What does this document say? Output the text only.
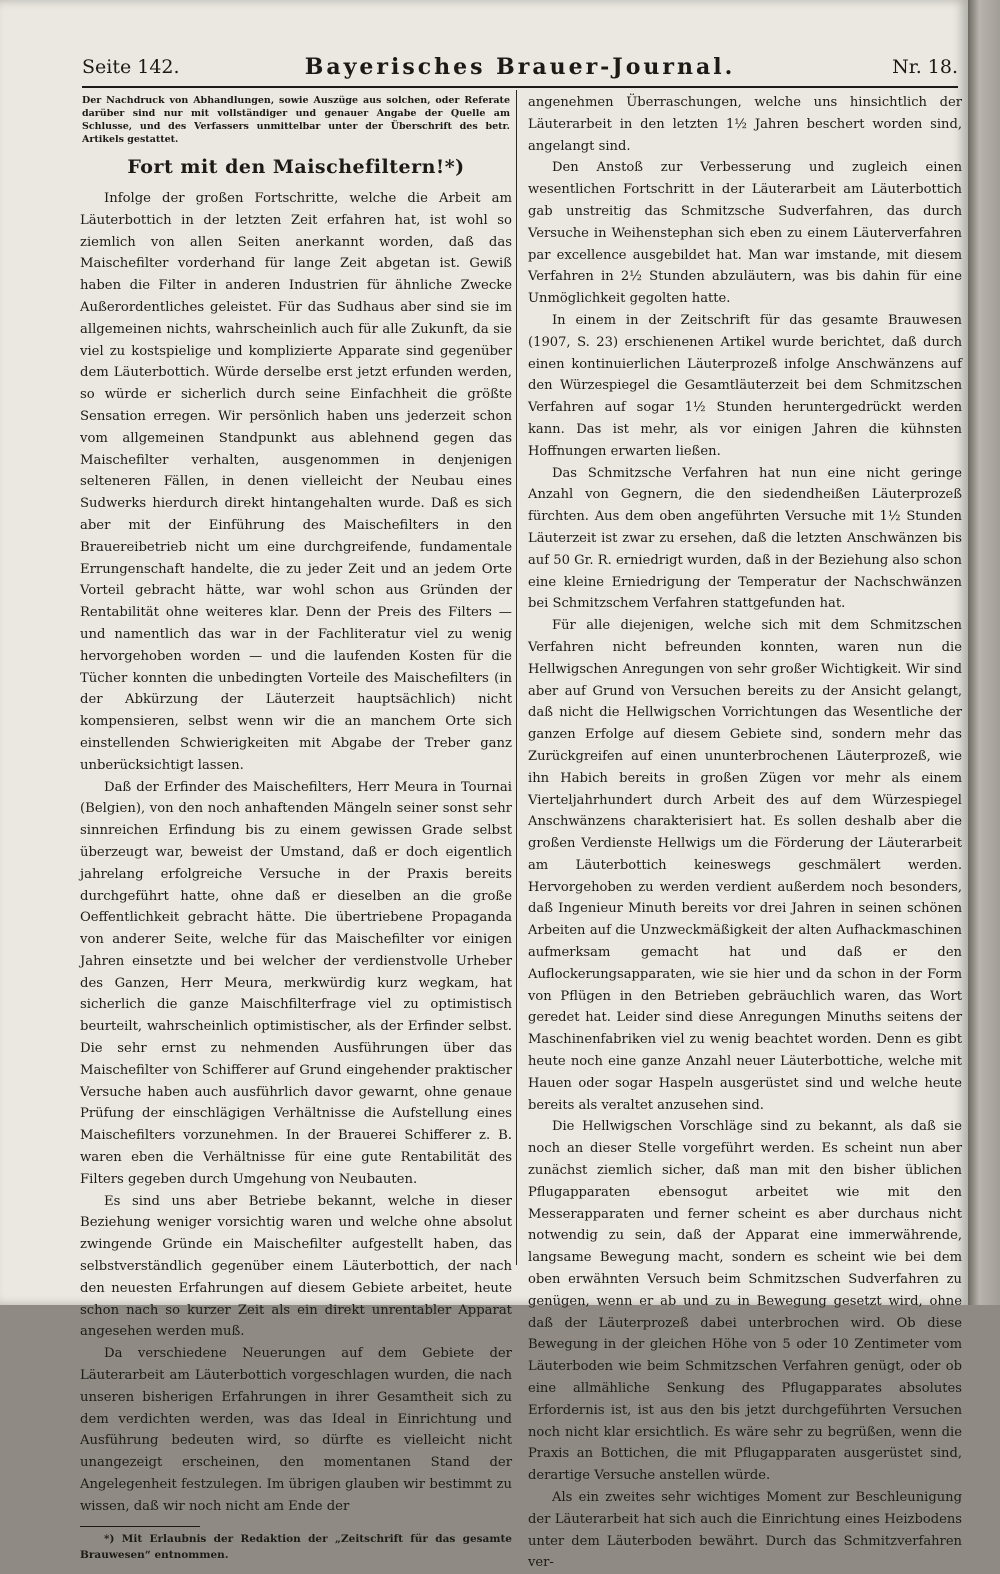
Seite 142.	Bayerisches Brauer-Journal.	Nr. 18.
Der Nachdruck von Abhandlungen, sowie Auszüge aus solchen, oder Referate darüber sind nur mit vollständiger und genauer Angabe der Quelle am Schlusse, und des Verfassers unmittelbar unter der Überschrift des betr. Artikels gestattet.
Fort mit den Maischefiltern!*)

Infolge der großen Fortschritte, welche die Arbeit am Läuterbottich in der letzten Zeit erfahren hat, ist wohl so ziemlich von allen Seiten anerkannt worden, daß das Maischefilter vorderhand für lange Zeit abgetan ist. Gewiß haben die Filter in anderen Industrien für ähnliche Zwecke Außerordentliches geleistet. Für das Sudhaus aber sind sie im allgemeinen nichts, wahrscheinlich auch für alle Zukunft, da sie viel zu kostspielige und komplizierte Apparate sind gegenüber dem Läuterbottich. Würde derselbe erst jetzt erfunden werden, so würde er sicherlich durch seine Einfachheit die größte Sensation erregen. Wir persönlich haben uns jederzeit schon vom allgemeinen Standpunkt aus ablehnend gegen das Maischefilter verhalten, ausgenommen in denjenigen selteneren Fällen, in denen vielleicht der Neubau eines Sudwerks hierdurch direkt hintangehalten wurde. Daß es sich aber mit der Einführung des Maischefilters in den Brauereibetrieb nicht um eine durchgreifende, fundamentale Errungenschaft handelte, die zu jeder Zeit und an jedem Orte Vorteil gebracht hätte, war wohl schon aus Gründen der Rentabilität ohne weiteres klar. Denn der Preis des Filters — und namentlich das war in der Fachliteratur viel zu wenig hervorgehoben worden — und die laufenden Kosten für die Tücher konnten die unbedingten Vorteile des Maischefilters (in der Abkürzung der Läuterzeit hauptsächlich) nicht kompensieren, selbst wenn wir die an manchem Orte sich einstellenden Schwierigkeiten mit Abgabe der Treber ganz unberücksichtigt lassen.

Daß der Erfinder des Maischefilters, Herr Meura in Tournai (Belgien), von den noch anhaftenden Mängeln seiner sonst sehr sinnreichen Erfindung bis zu einem gewissen Grade selbst überzeugt war, beweist der Umstand, daß er doch eigentlich jahrelang erfolgreiche Versuche in der Praxis bereits durchgeführt hatte, ohne daß er dieselben an die große Oeffentlichkeit gebracht hätte. Die übertriebene Propaganda von anderer Seite, welche für das Maischefilter vor einigen Jahren einsetzte und bei welcher der verdienstvolle Urheber des Ganzen, Herr Meura, merkwürdig kurz wegkam, hat sicherlich die ganze Maischfilterfrage viel zu optimistisch beurteilt, wahrscheinlich optimistischer, als der Erfinder selbst. Die sehr ernst zu nehmenden Ausführungen über das Maischefilter von Schifferer auf Grund eingehender praktischer Versuche haben auch ausführlich davor gewarnt, ohne genaue Prüfung der einschlägigen Verhältnisse die Aufstellung eines Maischefilters vorzunehmen. In der Brauerei Schifferer z. B. waren eben die Verhältnisse für eine gute Rentabilität des Filters gegeben durch Umgehung von Neubauten.

Es sind uns aber Betriebe bekannt, welche in dieser Beziehung weniger vorsichtig waren und welche ohne absolut zwingende Gründe ein Maischefilter aufgestellt haben, das selbstverständlich gegenüber einem Läuterbottich, der nach den neuesten Erfahrungen auf diesem Gebiete arbeitet, heute schon nach so kurzer Zeit als ein direkt unrentabler Apparat angesehen werden muß.

Da verschiedene Neuerungen auf dem Gebiete der Läuterarbeit am Läuterbottich vorgeschlagen wurden, die nach unseren bisherigen Erfahrungen in ihrer Gesamtheit sich zu dem verdichten werden, was das Ideal in Einrichtung und Ausführung bedeuten wird, so dürfte es vielleicht nicht unangezeigt erscheinen, den momentanen Stand der Angelegenheit festzulegen. Im übrigen glauben wir bestimmt zu wissen, daß wir noch nicht am Ende der

*) Mit Erlaubnis der Redaktion der „Zeitschrift für das gesamte Brauwesen“ entnommen.

angenehmen Überraschungen, welche uns hinsichtlich der Läuterarbeit in den letzten 1½ Jahren beschert worden sind, angelangt sind.

Den Anstoß zur Verbesserung und zugleich einen wesentlichen Fortschritt in der Läuterarbeit am Läuterbottich gab unstreitig das Schmitzsche Sudverfahren, das durch Versuche in Weihenstephan sich eben zu einem Läuterverfahren par excellence ausgebildet hat. Man war imstande, mit diesem Verfahren in 2½ Stunden abzuläutern, was bis dahin für eine Unmöglichkeit gegolten hatte.

In einem in der Zeitschrift für das gesamte Brauwesen (1907, S. 23) erschienenen Artikel wurde berichtet, daß durch einen kontinuierlichen Läuterprozeß infolge Anschwänzens auf den Würzespiegel die Gesamtläuterzeit bei dem Schmitzschen Verfahren auf sogar 1½ Stunden heruntergedrückt werden kann. Das ist mehr, als vor einigen Jahren die kühnsten Hoffnungen erwarten ließen.

Das Schmitzsche Verfahren hat nun eine nicht geringe Anzahl von Gegnern, die den siedendheißen Läuterprozeß fürchten. Aus dem oben angeführten Versuche mit 1½ Stunden Läuterzeit ist zwar zu ersehen, daß die letzten Anschwänzen bis auf 50 Gr. R. erniedrigt wurden, daß in der Beziehung also schon eine kleine Erniedrigung der Temperatur der Nachschwänzen bei Schmitzschem Verfahren stattgefunden hat.

Für alle diejenigen, welche sich mit dem Schmitzschen Verfahren nicht befreunden konnten, waren nun die Hellwigschen Anregungen von sehr großer Wichtigkeit. Wir sind aber auf Grund von Versuchen bereits zu der Ansicht gelangt, daß nicht die Hellwigschen Vorrichtungen das Wesentliche der ganzen Erfolge auf diesem Gebiete sind, sondern mehr das Zurückgreifen auf einen ununterbrochenen Läuterprozeß, wie ihn Habich bereits in großen Zügen vor mehr als einem Vierteljahrhundert durch Arbeit des auf dem Würzespiegel Anschwänzens charakterisiert hat. Es sollen deshalb aber die großen Verdienste Hellwigs um die Förderung der Läuterarbeit am Läuterbottich keineswegs geschmälert werden. Hervorgehoben zu werden verdient außerdem noch besonders, daß Ingenieur Minuth bereits vor drei Jahren in seinen schönen Arbeiten auf die Unzweckmäßigkeit der alten Aufhackmaschinen aufmerksam gemacht hat und daß er den Auflockerungsapparaten, wie sie hier und da schon in der Form von Pflügen in den Betrieben gebräuchlich waren, das Wort geredet hat. Leider sind diese Anregungen Minuths seitens der Maschinenfabriken viel zu wenig beachtet worden. Denn es gibt heute noch eine ganze Anzahl neuer Läuterbottiche, welche mit Hauen oder sogar Haspeln ausgerüstet sind und welche heute bereits als veraltet anzusehen sind.

Die Hellwigschen Vorschläge sind zu bekannt, als daß sie noch an dieser Stelle vorgeführt werden. Es scheint nun aber zunächst ziemlich sicher, daß man mit den bisher üblichen Pflugapparaten ebensogut arbeitet wie mit den Messerapparaten und ferner scheint es aber durchaus nicht notwendig zu sein, daß der Apparat eine immerwährende, langsame Bewegung macht, sondern es scheint wie bei dem oben erwähnten Versuch beim Schmitzschen Sudverfahren zu genügen, wenn er ab und zu in Bewegung gesetzt wird, ohne daß der Läuterprozeß dabei unterbrochen wird. Ob diese Bewegung in der gleichen Höhe von 5 oder 10 Zentimeter vom Läuterboden wie beim Schmitzschen Verfahren genügt, oder ob eine allmähliche Senkung des Pflugapparates absolutes Erfordernis ist, ist aus den bis jetzt durchgeführten Versuchen noch nicht klar ersichtlich. Es wäre sehr zu begrüßen, wenn die Praxis an Bottichen, die mit Pflugapparaten ausgerüstet sind, derartige Versuche anstellen würde.

Als ein zweites sehr wichtiges Moment zur Beschleunigung der Läuterarbeit hat sich auch die Einrichtung eines Heizbodens unter dem Läuterboden bewährt. Durch das Schmitzverfahren ver-
